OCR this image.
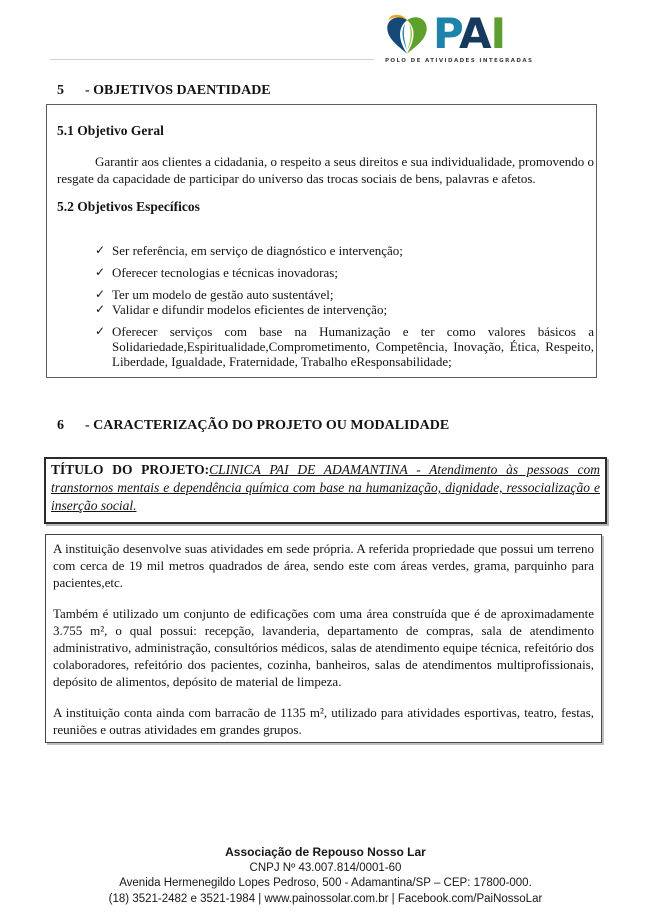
PAI
POLO DE ATIVIDADES INTEGRADAS
5 - OBJETIVOS DAENTIDADE
5.1 Objetivo Geral

Garantir aos clientes a cidadania, o respeito a seus direitos e sua individualidade, promovendo o resgate da capacidade de participar do universo das trocas sociais de bens, palavras e afetos.

5.2 Objetivos Específicos
✓ Ser referência, em serviço de diagnóstico e intervenção;
✓ Oferecer tecnologias e técnicas inovadoras;
✓ Ter um modelo de gestão auto sustentável;
✓ Validar e difundir modelos eficientes de intervenção;
✓ Oferecer serviços com base na Humanização e ter como valores básicos a Solidariedade,Espiritualidade,Comprometimento, Competência, Inovação, Ética, Respeito, Liberdade, Igualdade, Fraternidade, Trabalho eResponsabilidade;
6 - CARACTERIZAÇÃO DO PROJETO OU MODALIDADE
TÍTULO DO PROJETO:CLINICA PAI DE ADAMANTINA - Atendimento às pessoas com transtornos mentais e dependência química com base na humanização, dignidade, ressocialização e inserção social.

A instituição desenvolve suas atividades em sede própria. A referida propriedade que possui um terreno com cerca de 19 mil metros quadrados de área, sendo este com áreas verdes, grama, parquinho para pacientes,etc.

Também é utilizado um conjunto de edificações com uma área construída que é de aproximadamente 3.755 m², o qual possui: recepção, lavanderia, departamento de compras, sala de atendimento administrativo, administração, consultórios médicos, salas de atendimento equipe técnica, refeitório dos colaboradores, refeitório dos pacientes, cozinha, banheiros, salas de atendimentos multiprofissionais, depósito de alimentos, depósito de material de limpeza.

A instituição conta ainda com barracão de 1135 m², utilizado para atividades esportivas, teatro, festas, reuniões e outras atividades em grandes grupos.

Associação de Repouso Nosso Lar
CNPJ Nº 43.007.814/0001-60
Avenida Hermenegildo Lopes Pedroso, 500 - Adamantina/SP – CEP: 17800-000.
(18) 3521-2482 e 3521-1984 | www.painossolar.com.br | Facebook.com/PaiNossoLar
